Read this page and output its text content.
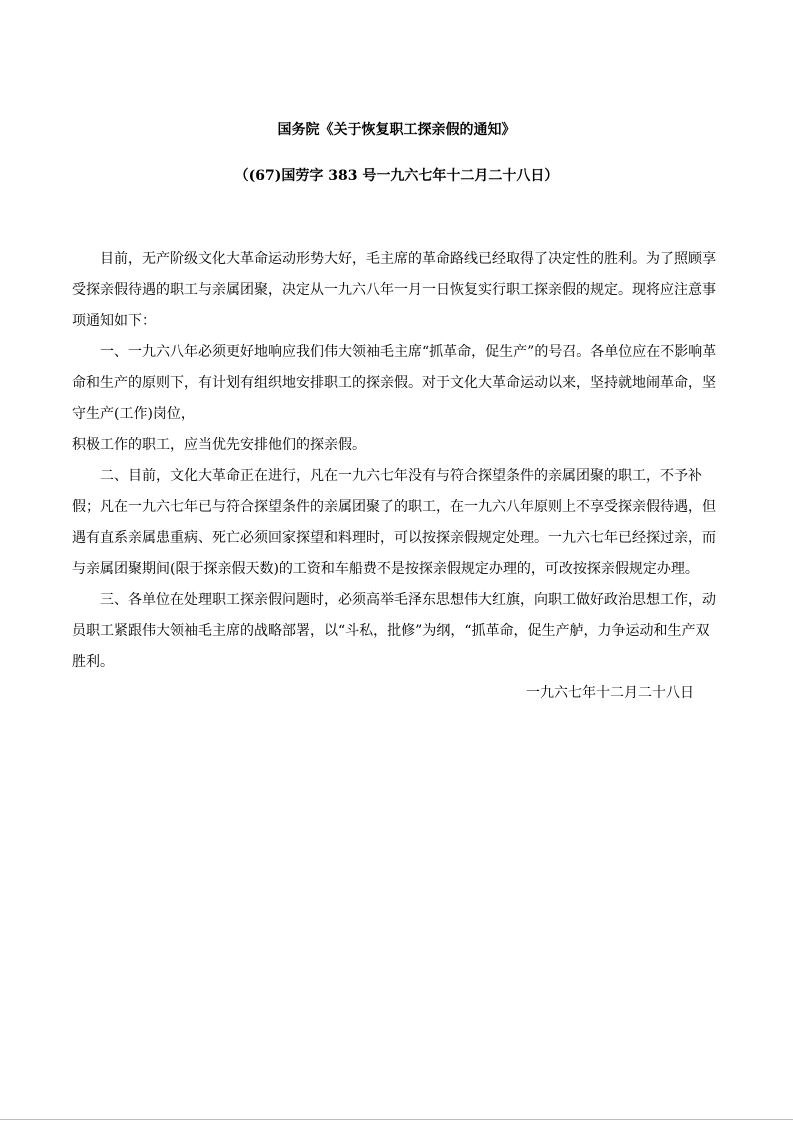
国务院《关于恢复职工探亲假的通知》
（(67)国劳字 383 号一九六七年十二月二十八日）

目前，无产阶级文化大革命运动形势大好，毛主席的革命路线已经取得了决定性的胜利。为了照顾享受探亲假待遇的职工与亲属团聚，决定从一九六八年一月一日恢复实行职工探亲假的规定。现将应注意事项通知如下：

一、一九六八年必须更好地响应我们伟大领袖毛主席“抓革命，促生产”的号召。各单位应在不影响革命和生产的原则下，有计划有组织地安排职工的探亲假。对于文化大革命运动以来，坚持就地闹革命，坚守生产(工作)岗位，

积极工作的职工，应当优先安排他们的探亲假。

二、目前，文化大革命正在进行，凡在一九六七年没有与符合探望条件的亲属团聚的职工，不予补假；凡在一九六七年已与符合探望条件的亲属团聚了的职工，在一九六八年原则上不享受探亲假待遇，但遇有直系亲属患重病、死亡必须回家探望和料理时，可以按探亲假规定处理。一九六七年已经探过亲，而与亲属团聚期间(限于探亲假天数)的工资和车船费不是按探亲假规定办理的，可改按探亲假规定办理。

三、各单位在处理职工探亲假问题时，必须高举毛泽东思想伟大红旗，向职工做好政治思想工作，动员职工紧跟伟大领袖毛主席的战略部署，以“斗私，批修”为纲，“抓革命，促生产舻，力争运动和生产双胜利。

一九六七年十二月二十八日
